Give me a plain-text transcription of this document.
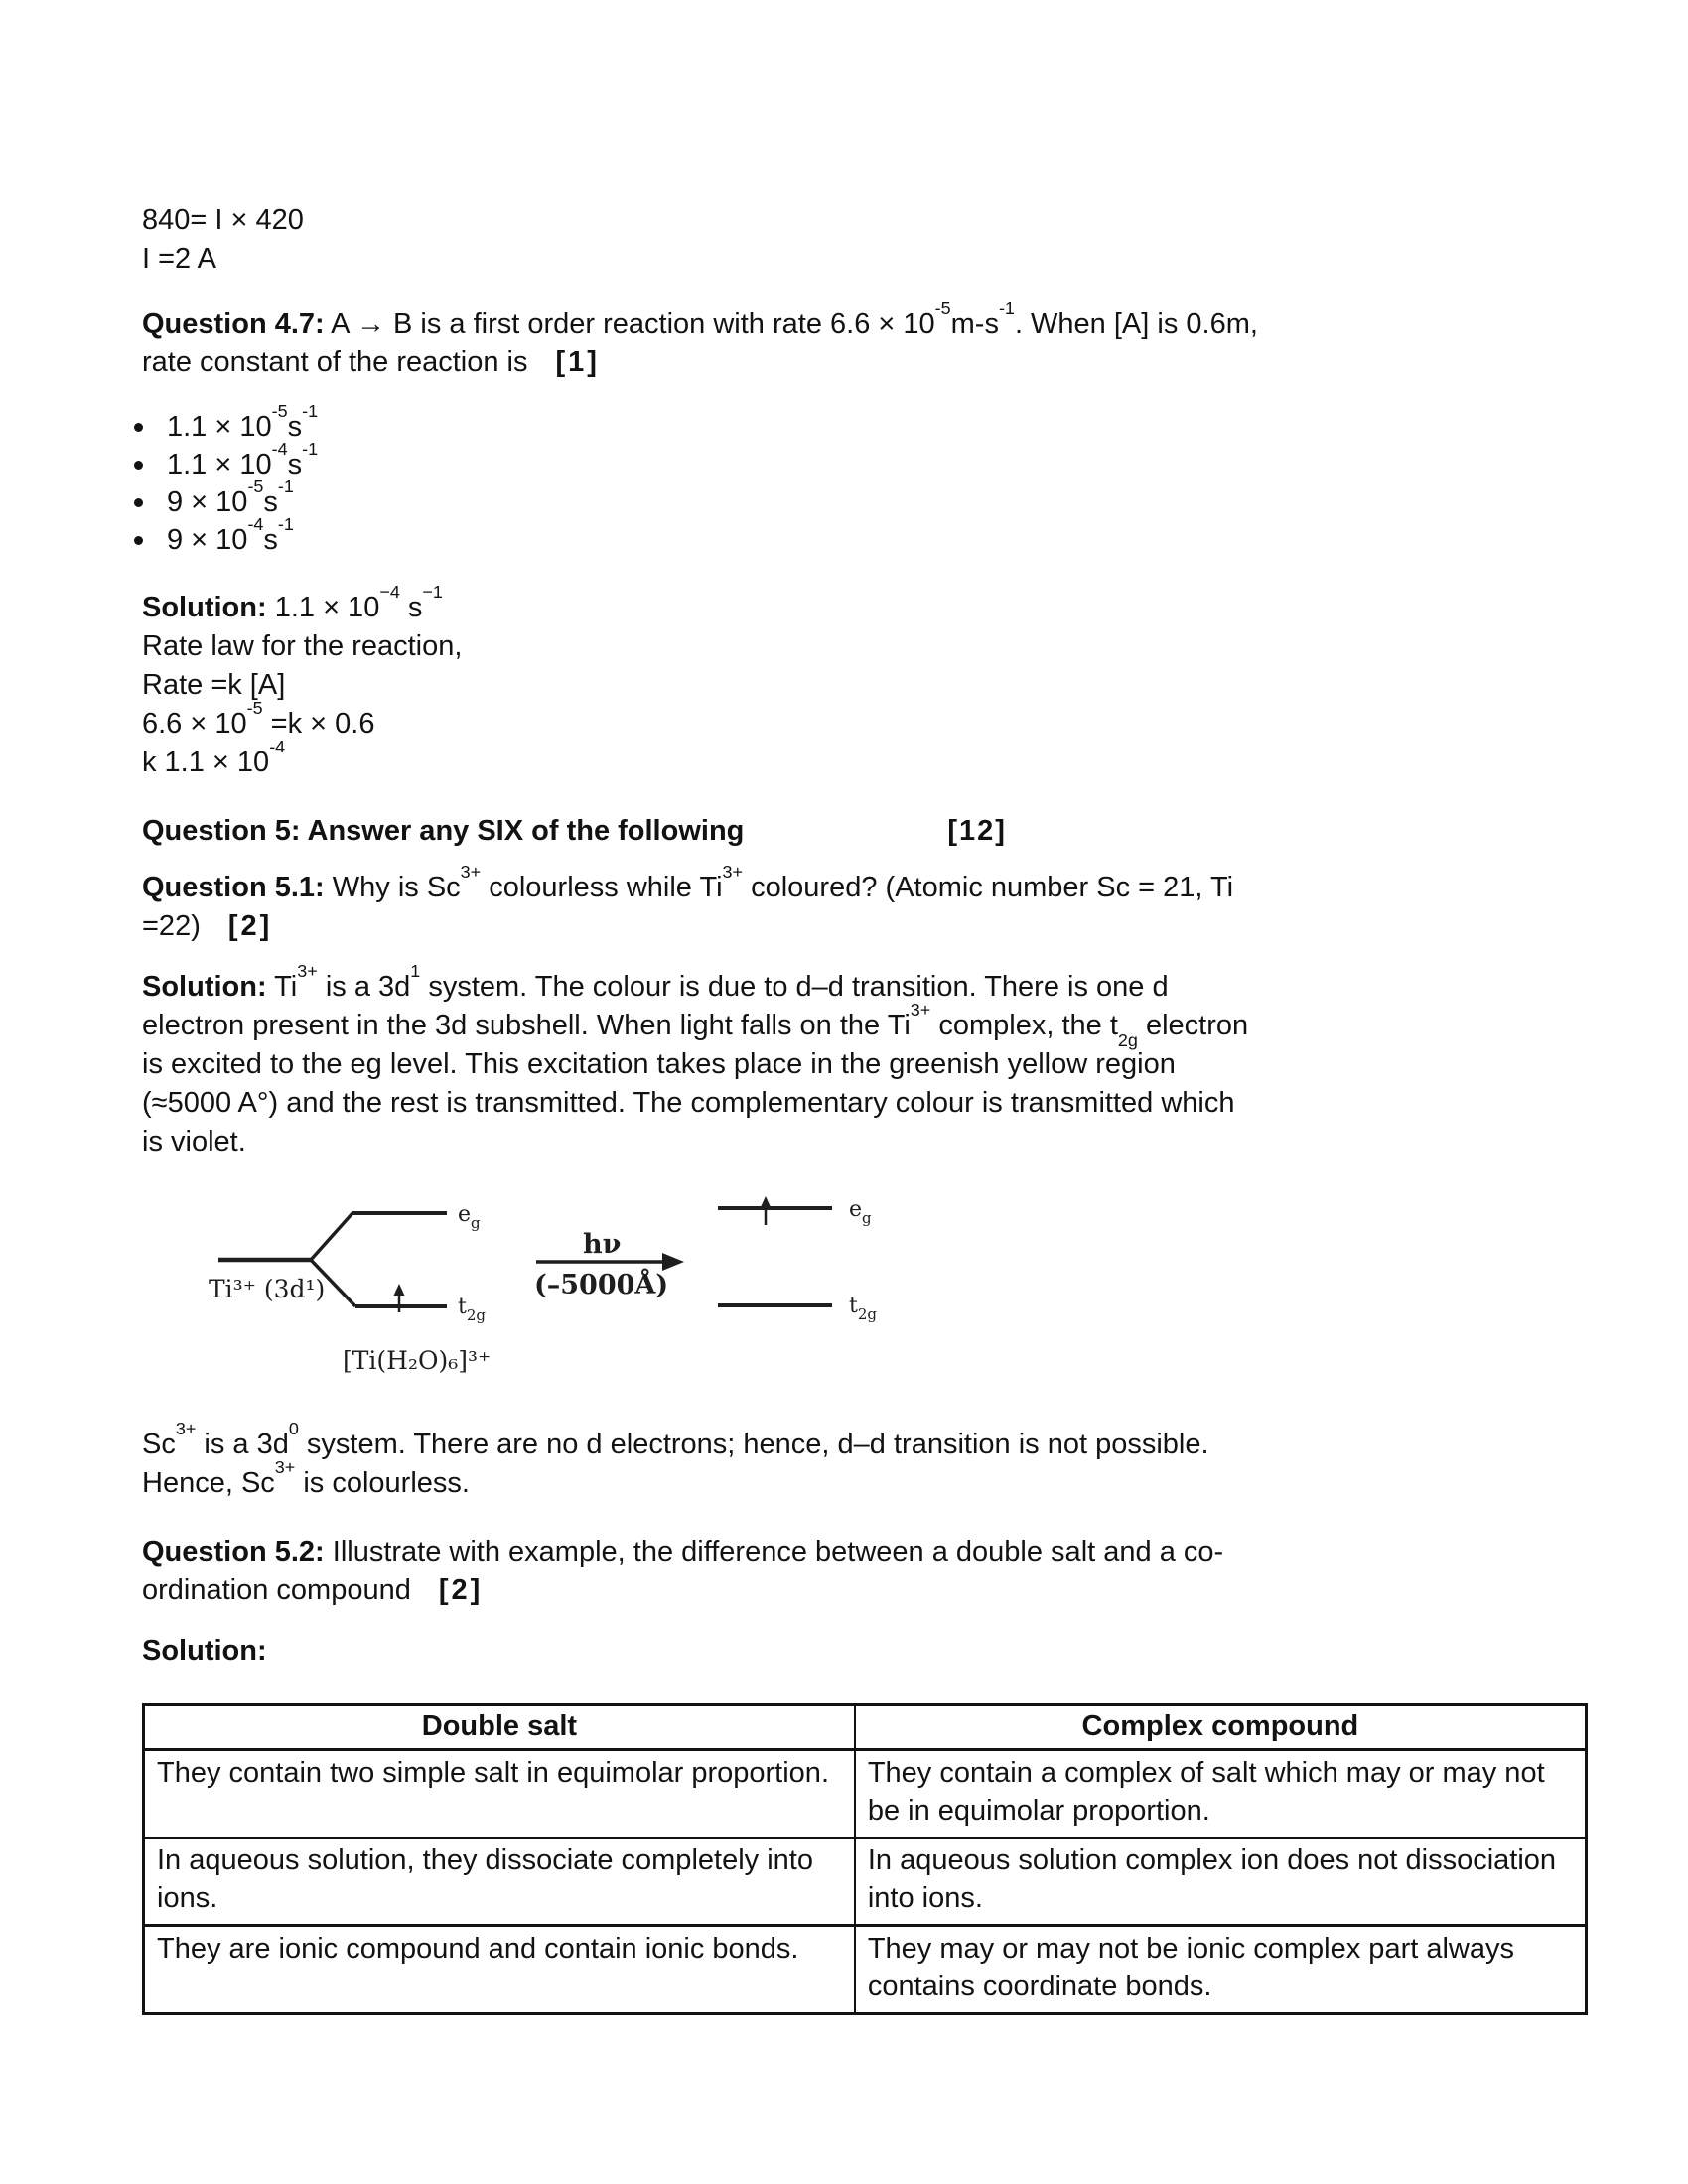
840= I × 420
I =2 A
Question 4.7: A → B is a first order reaction with rate $6.6 \times 10^{-5}m-s^{-1}$. When [A] is 0.6m,
rate constant of the reaction is [1]
$1.1 \times 10^{-5}s^{-1}$
$1.1 \times 10^{-4}s^{-1}$
$9 \times 10^{-5}s^{-1}$
$9 \times 10^{-4}s^{-1}$
Solution: $1.1 \times 10^{-4}$ $s^{-1}$
Rate law for the reaction,
Rate =k [A]
$6.6 \times 10^{-5} =k \times 0.6$
k $1.1 \times 10^{-4}$
Question 5: Answer any SIX of the following	[12]
Question 5.1: Why is $Sc^{3+}$ colourless while $Ti^{3+}$ coloured? (Atomic number Sc = 21, Ti
=22) [2]
Solution: $Ti^{3+}$ is a $3d^1$ system. The colour is due to d–d transition. There is one d
electron present in the 3d subshell. When light falls on the $Ti^{3+}$ complex, the $t_{2g}$ electron
is excited to the eg level. This excitation takes place in the greenish yellow region
(≈5000 A°) and the rest is transmitted. The complementary colour is transmitted which
is violet.
Ti³⁺ (3d¹)
[Ti(H₂O)₆]³⁺
$e_g$
$t_{2g}$
hν
(–5000Å)
$e_g$
$t_{2g}$
$Sc^{3+}$ is a $3d^0$ system. There are no d electrons; hence, d–d transition is not possible.
Hence, $Sc^{3+}$ is colourless.
Question 5.2: Illustrate with example, the difference between a double salt and a co-
ordination compound [2]
Solution:
Double salt	Complex compound
They contain two simple salt in equimolar proportion.	They contain a complex of salt which may or may not be in equimolar proportion.
In aqueous solution, they dissociate completely into ions.	In aqueous solution complex ion does not dissociation into ions.
They are ionic compound and contain ionic bonds.	They may or may not be ionic complex part always contains coordinate bonds.
